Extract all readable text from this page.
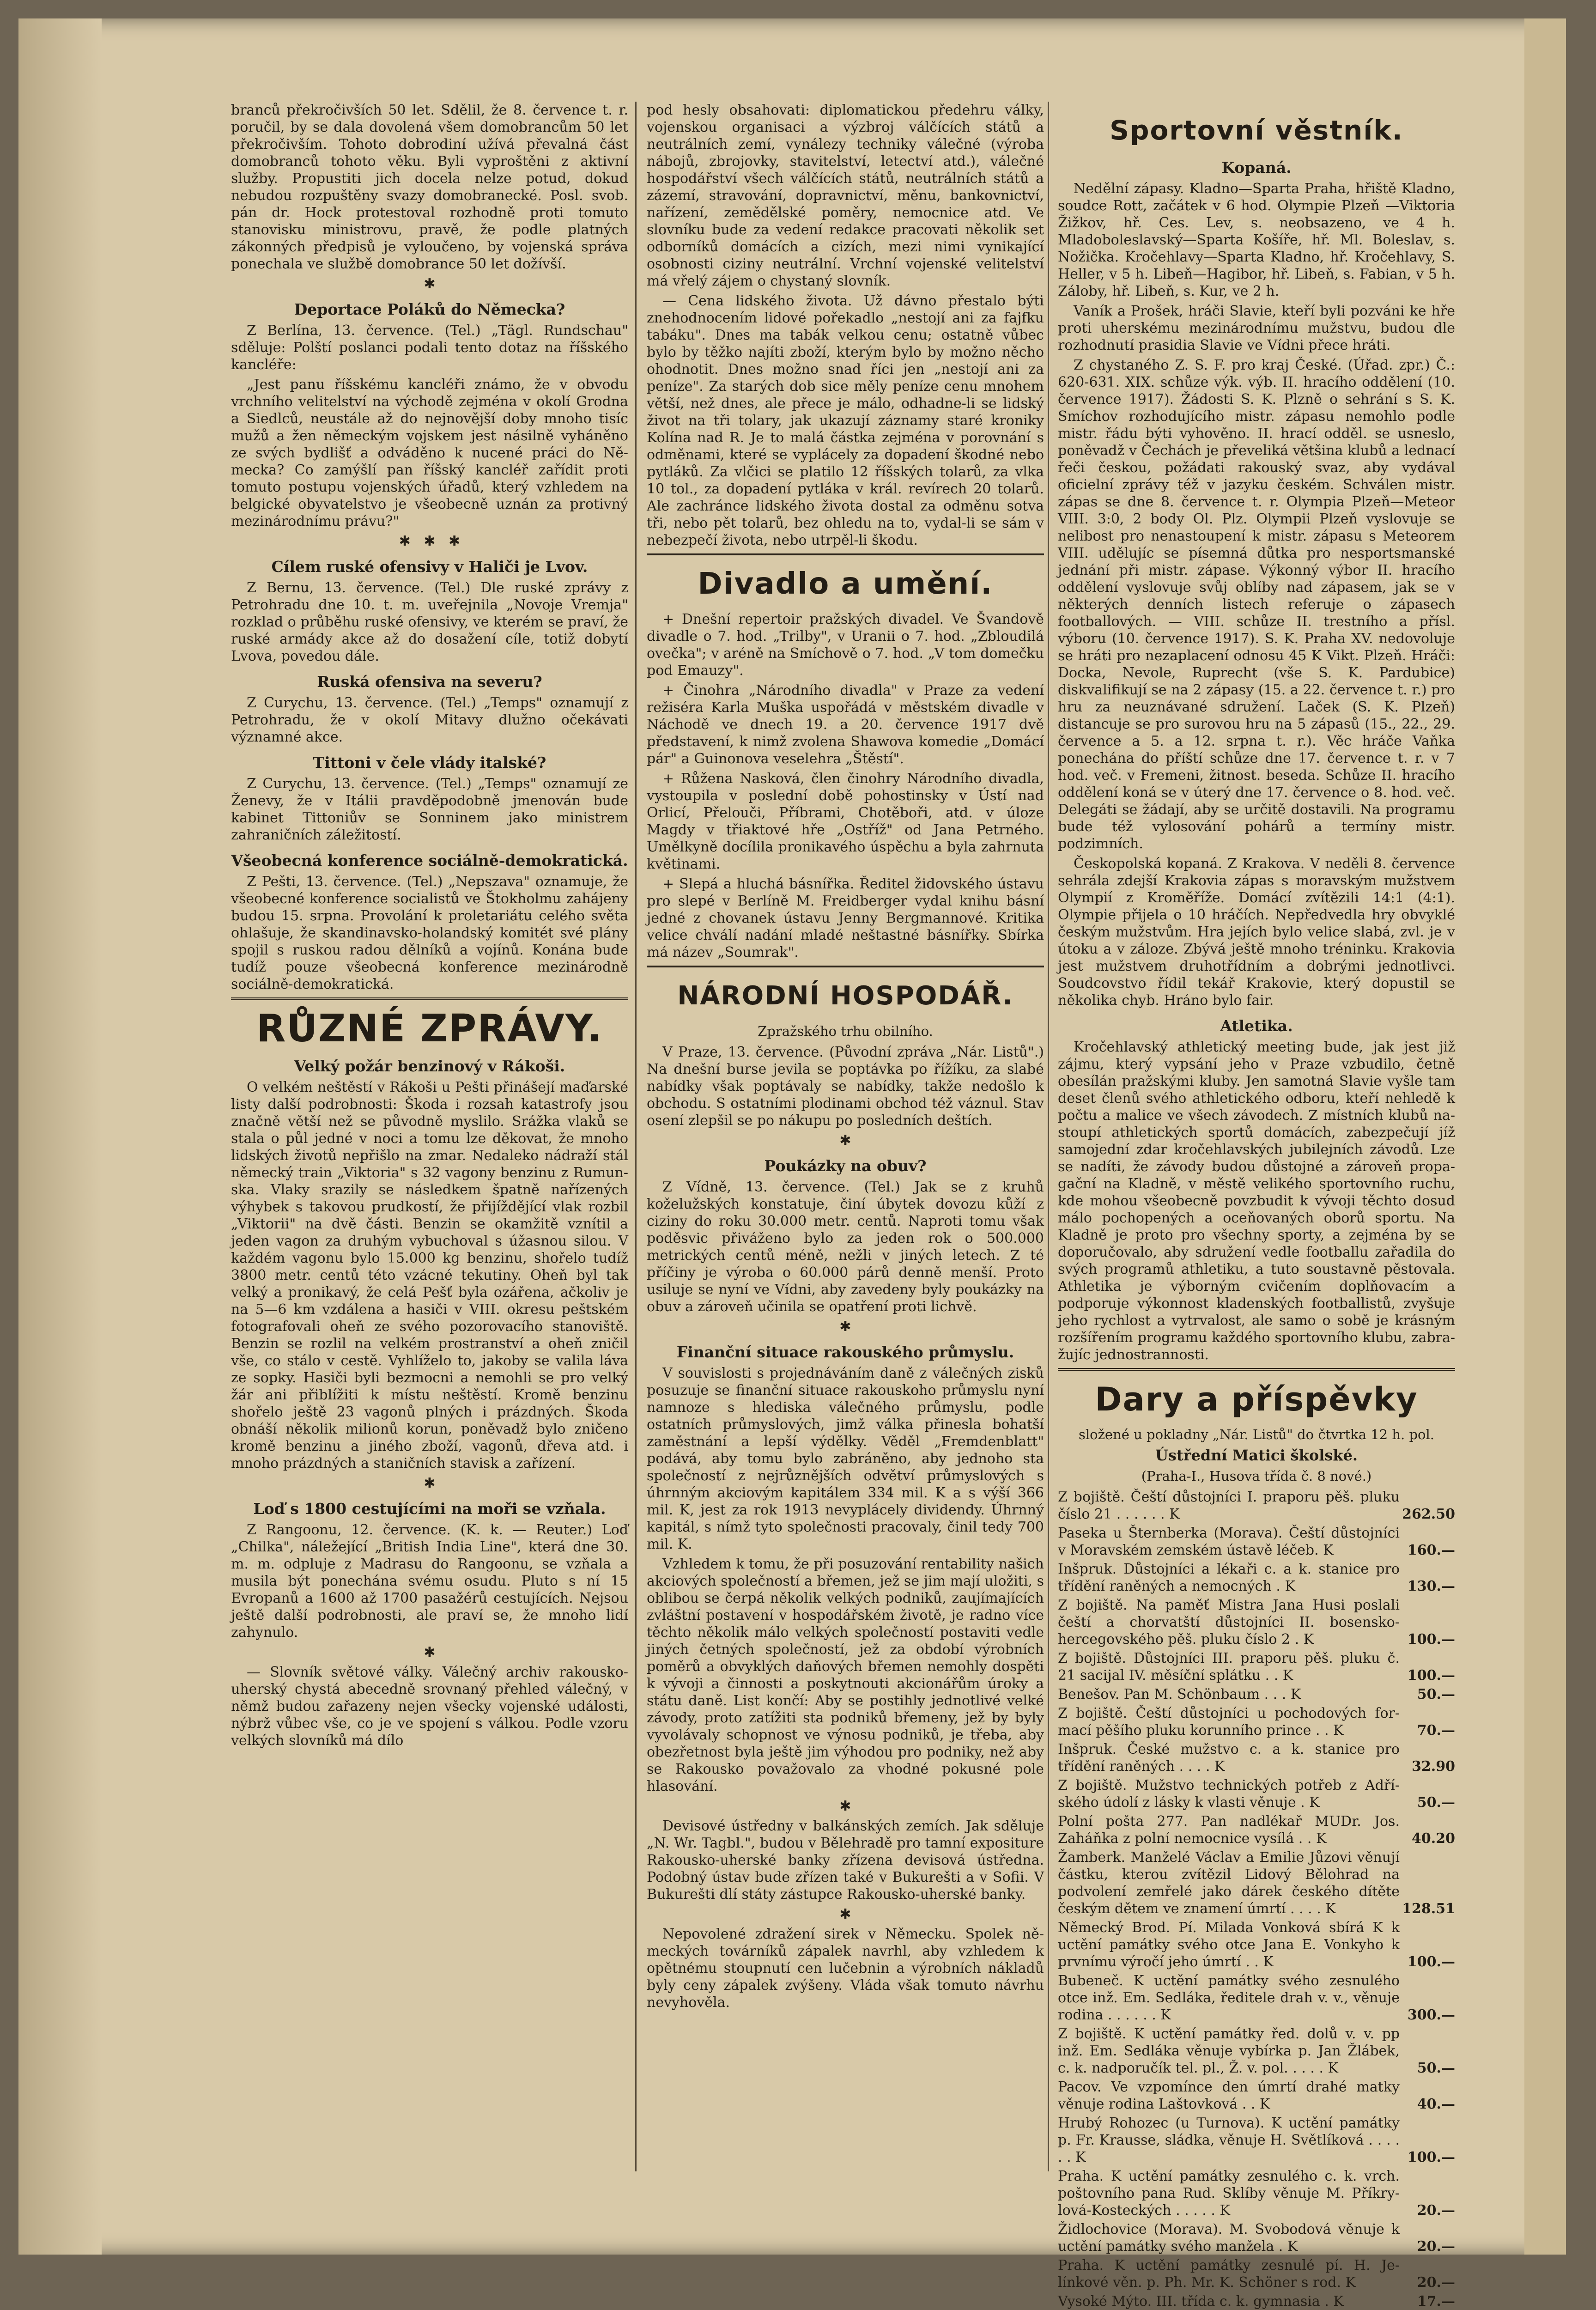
branců překročivších 50 let. Sdělil, že 8. července t. r. poručil, by se dala dovolená všem domobrancům 50 let překročivším. Tohoto dobrodiní užívá převalná část domobranců tohoto věku. Byli vyproštěni z aktivní služby. Propustiti jich docela nelze potud, dokud nebudou rozpuštěny svazy domobranecké. Posl. svob. pán dr. Hock protestoval rozhodně proti tomuto stanovisku ministrovu, pravě, že podle platných zákonných předpisů je vyloučeno, by vojenská správa ponechala ve službě domobrance 50 let dožívší.

✱
Deportace Poláků do Německa?

Z Berlína, 13. července. (Tel.) „Tägl. Rundschau" sděluje: Polští poslanci podali tento dotaz na říšského kancléře:

„Jest panu říšskému kancléři známo, že v obvodu vrchního velitelství na východě zejména v okolí Grodna a Siedlců, neustále až do nejnovější doby mnoho tisíc mužů a žen německým vojskem jest násilně vyháněno ze svých bydlišť a odváděno k nucené práci do Německa? Co zamýšlí pan říšský kancléř zařídit proti tomuto postupu vojenských úřadů, který vzhledem na belgické obyvatelstvo je všeobecně uznán za protivný mezinárodnímu právu?"

✱   ✱   ✱
Cílem ruské ofensivy v Haliči je Lvov.

Z Bernu, 13. července. (Tel.) Dle ruské zprávy z Petrohradu dne 10. t. m. uveřejnila „Novoje Vremja" rozklad o průběhu ruské ofensivy, ve kterém se praví, že ruské armády akce až do dosažení cíle, totiž dobytí Lvova, povedou dále.

Ruská ofensiva na severu?

Z Curychu, 13. července. (Tel.) „Temps" oznamují z Petrohradu, že v okolí Mitavy dlužno očekávati významné akce.

Tittoni v čele vlády italské?

Z Curychu, 13. července. (Tel.) „Temps" oznamují ze Ženevy, že v Itálii pravděpodobně jmenován bude kabinet Tittoniův se Sonninem jako ministrem zahraničních záležitostí.

Všeobecná konference sociálně-demokratická.

Z Pešti, 13. července. (Tel.) „Nepszava" oznamuje, že všeobecné konference socialistů ve Štokholmu zahájeny budou 15. srpna. Provolání k proletariátu celého světa ohlašuje, že skandinavsko-holandský komitét své plány spojil s ruskou radou dělníků a vojínů. Konána bude tudíž pouze všeobecná konference mezinárodně sociálně-demokratická.

RŮZNÉ ZPRÁVY.
Velký požár benzinový v Rákoši.

O velkém neštěstí v Rákoši u Pešti přinášejí maďarské listy další podrobnosti: Škoda i rozsah katastrofy jsou značně větší než se původně myslilo. Srážka vlaků se stala o půl jedné v noci a tomu lze děkovat, že mnoho lidských životů nepřišlo na zmar. Nedaleko nádraží stál německý train „Viktoria" s 32 vagony benzinu z Rumunska. Vlaky srazily se následkem špatně nařízených výhybek s takovou prudkostí, že přijíždějící vlak rozbil „Viktorii" na dvě části. Benzin se okamžitě vznítil a jeden vagon za druhým vybuchoval s úžasnou silou. V každém vagonu bylo 15.000 kg benzinu, shořelo tudíž 3800 metr. centů této vzácné tekutiny. Oheň byl tak velký a pronikavý, že celá Pešť byla ozářena, ačkoliv je na 5—6 km vzdálena a hasiči v VIII. okresu peštském fotografovali oheň ze svého pozorovacího stanoviště. Benzin se rozlil na velkém prostranství a oheň zničil vše, co stálo v cestě. Vyhlíželo to, jakoby se valila láva ze sopky. Hasiči byli bezmocni a nemohli se pro velký žár ani přiblížiti k místu neštěstí. Kromě benzinu shořelo ještě 23 vagonů plných i prázdných. Škoda obnáší několik milionů korun, poněvadž bylo zničeno kromě benzinu a jiného zboží, vagonů, dřeva atd. i mnoho prázdných a staničních stavisk a zařízení.

✱
Loď s 1800 cestujícími na moři se vzňala.

Z Rangoonu, 12. července. (K. k. — Reuter.) Loď „Chilka", náležející „British India Line", která dne 30. m. m. odpluje z Madrasu do Rangoonu, se vzňala a musila být ponechána svému osudu. Pluto s ní 15 Evropanů a 1600 až 1700 pasažérů cestujících. Nejsou ještě další podrobnosti, ale praví se, že mnoho lidí zahynulo.

✱

— Slovník světové války. Válečný archiv rakousko-uherský chystá abecedně srovnaný přehled válečný, v němž budou zařazeny nejen všecky vojenské události, nýbrž vůbec vše, co je ve spojení s válkou. Podle vzoru velkých slovníků má dílo

pod hesly obsahovati: diplomatickou předehru války, vojenskou organisaci a výzbroj válčících států a neutrálních zemí, vynálezy techniky válečné (výroba nábojů, zbrojovky, stavitelství, letectví atd.), válečné hospodářství všech válčících států, neutrálních států a zázemí, stravování, dopravnictví, měnu, bankovnictví, nařízení, zemědělské poměry, nemocnice atd. Ve slovníku bude za vedení redakce pracovati několik set odborníků domácích a cizích, mezi nimi vynikající osobnosti ciziny neutrální. Vrchní vojenské velitelství má vřelý zájem o chystaný slovník.

— Cena lidského života. Už dávno přestalo býti znehodnocením lidové pořekadlo „nestojí ani za fajfku tabáku". Dnes ma tabák velkou cenu; ostatně vůbec bylo by těžko najíti zboží, kterým bylo by možno něcho ohodnotit. Dnes možno snad říci jen „nestojí ani za peníze". Za starých dob sice měly peníze cenu mnohem větší, než dnes, ale přece je málo, odhadne-li se lidský život na tři tolary, jak ukazují záznamy staré kroniky Kolína nad R. Je to malá částka zejména v porovnání s odměnami, které se vyplácely za dopadení škodné nebo pytláků. Za vlčici se platilo 12 říšských tolarů, za vlka 10 tol., za dopadení pytláka v král. revírech 20 tolarů. Ale zachránce lidského života dostal za odměnu sotva tři, nebo pět tolarů, bez ohledu na to, vydal-li se sám v nebezpečí života, nebo utrpěl-li škodu.

Divadlo a umění.

+ Dnešní repertoir pražských divadel. Ve Švandově divadle o 7. hod. „Trilby", v Uranii o 7. hod. „Zbloudilá ovečka"; v aréně na Smíchově o 7. hod. „V tom domečku pod Emauzy".

+ Činohra „Národního divadla" v Praze za vedení režiséra Karla Muška uspořádá v městském divadle v Náchodě ve dnech 19. a 20. července 1917 dvě představení, k nimž zvolena Shawova komedie „Domácí pár" a Guinonova veselehra „Štěstí".

+ Růžena Nasková, člen činohry Národního divadla, vystoupila v poslední době pohostinsky v Ústí nad Orlicí, Přelouči, Příbrami, Chotěboři, atd. v úloze Magdy v třiaktové hře „Ostříž" od Jana Petrného. Umělkyně docílila pronikavého úspěchu a byla zahrnuta květinami.

+ Slepá a hluchá básnířka. Ředitel židovského ústavu pro slepé v Berlíně M. Freidberger vydal knihu básní jedné z chovanek ústavu Jenny Bergmannové. Kritika velice chválí nadání mladé neštastné básnířky. Sbírka má název „Soumrak".

NÁRODNÍ HOSPODÁŘ.
Zpražského trhu obilního.

V Praze, 13. července. (Původní zpráva „Nár. Listů".) Na dnešní burse jevila se poptávka po řížíku, za slabé nabídky však poptávaly se nabídky, takže nedošlo k obchodu. S ostatními plodinami obchod též váznul. Stav osení zlepšil se po nákupu po posledních deštích.

✱
Poukázky na obuv?

Z Vídně, 13. července. (Tel.) Jak se z kruhů koželužských konstatuje, činí úbytek dovozu kůží z ciziny do roku 30.000 metr. centů. Naproti tomu však poděsvic přiváženo bylo za jeden rok o 500.000 metrických centů méně, nežli v jiných letech. Z té příčiny je výroba o 60.000 párů denně menší. Proto usiluje se nyní ve Vídni, aby zavedeny byly poukázky na obuv a zároveň učinila se opatření proti lichvě.

✱
Finanční situace rakouského průmyslu.

V souvislosti s projednáváním daně z válečných zisků posuzuje se finanční situace rakouskoho průmyslu nyní namnoze s hlediska válečného průmyslu, podle ostatních průmyslových, jimž válka přinesla bohatší zaměstnání a lepší výdělky. Věděl „Fremdenblatt" podává, aby tomu bylo zabráněno, aby jednoho sta společností z nejrůznějších odvětví průmyslových s úhrnným akciovým kapitálem 334 mil. K a s výší 366 mil. K, jest za rok 1913 nevyplácely dividendy. Úhrnný kapitál, s nímž tyto společnosti pracovaly, činil tedy 700 mil. K.

Vzhledem k tomu, že při posuzování rentability našich akciových společností a břemen, jež se jim mají uložiti, s oblibou se čerpá několik velkých podniků, zaujímajících zvláštní postavení v hospodářském životě, je radno více těchto několik málo velkých společností postaviti vedle jiných četných společností, jež za období výrobních poměrů a obvyklých daňových břemen nemohly dospěti k vývoji a činnosti a poskytnouti akcionářům úroky a státu daně. List končí: Aby se postihly jednotlivé velké závody, proto zatížiti sta podniků břemeny, jež by byly vyvolávaly schopnost ve výnosu podniků, je třeba, aby obezřetnost byla ještě jim výhodou pro podniky, než aby se Rakousko považovalo za vhodné pokusné pole hlasování.

✱

Devisové ústředny v balkánských zemích. Jak sděluje „N. Wr. Tagbl.", budou v Bělehradě pro tamní expositure Rakousko-uherské banky zřízena devisová ústředna. Podobný ústav bude zřízen také v Bukurešti a v Sofii. V Bukurešti dlí státy zástupce Rakousko-uherské banky.

✱

Nepovolené zdražení sirek v Německu. Spolek německých továrníků zápalek navrhl, aby vzhledem k opětnému stoupnutí cen lučebnin a výrobních nákladů byly ceny zápalek zvýšeny. Vláda však tomuto návrhu nevyhověla.

Sportovní věstník.
Kopaná.

Nedělní zápasy. Kladno—Sparta Praha, hřiště Kladno, soudce Rott, začátek v 6 hod. Olympie Plzeň —Viktoria Žižkov, hř. Ces. Lev, s. neobsazeno, ve 4 h. Mladoboleslavský—Sparta Košíře, hř. Ml. Boleslav, s. Nožička. Kročehlavy—Sparta Kladno, hř. Kročehlavy, S. Heller, v 5 h. Libeň—Hagibor, hř. Libeň, s. Fabian, v 5 h. Záloby, hř. Libeň, s. Kur, ve 2 h.

Vaník a Prošek, hráči Slavie, kteří byli pozváni ke hře proti uherskému mezinárodnímu mužstvu, budou dle rozhodnutí prasidia Slavie ve Vídni přece hráti.

Z chystaného Z. S. F. pro kraj České. (Úřad. zpr.) Č.: 620-631. XIX. schůze výk. výb. II. hracího oddělení (10. července 1917). Žádosti S. K. Plzně o sehrání s S. K. Smíchov rozhodujícího mistr. zápasu nemohlo podle mistr. řádu býti vyhověno. II. hrací odděl. se usneslo, poněvadž v Čechách je převeliká většina klubů a lednací řeči českou, požádati rakouský svaz, aby vydával oficielní zprávy též v jazyku českém. Schválen mistr. zápas se dne 8. července t. r. Olympia Plzeň—Meteor VIII. 3:0, 2 body Ol. Plz. Olympii Plzeň vyslovuje se nelibost pro nenastoupení k mistr. zápasu s Meteorem VIII. udělujíc se písemná důtka pro nesportsmanské jednání při mistr. zápase. Výkonný výbor II. hracího oddělení vyslovuje svůj oblíby nad zápasem, jak se v některých denních listech referuje o zápasech footballových. — VIII. schůze II. trestního a přísl. výboru (10. července 1917). S. K. Praha XV. nedovoluje se hráti pro nezaplacení odnosu 45 K Vikt. Plzeň. Hráči: Docka, Nevole, Ruprecht (vše S. K. Pardubice) diskvalifikují se na 2 zápasy (15. a 22. července t. r.) pro hru za neuznávané sdružení. Laček (S. K. Plzeň) distancuje se pro surovou hru na 5 zápasů (15., 22., 29. července a 5. a 12. srpna t. r.). Věc hráče Vaňka ponechána do příští schůze dne 17. července t. r. v 7 hod. več. v Fremeni, žitnost. beseda. Schůze II. hracího oddělení koná se v úterý dne 17. července o 8. hod. več. Delegáti se žádají, aby se určitě dostavili. Na programu bude též vylosování pohárů a termíny mistr. podzimních.

Českopolská kopaná. Z Krakova. V neděli 8. července sehrála zdejší Krakovia zápas s moravským mužstvem Olympií z Kroměříže. Domácí zvítězili 14:1 (4:1). Olympie přijela o 10 hráčích. Nepředvedla hry obvyklé českým mužstvům. Hra jejích bylo velice slabá, zvl. je v útoku a v záloze. Zbývá ještě mnoho tréninku. Krakovia jest mužstvem druhotřídním a dobrými jednotlivci. Soudcovstvo řídil tekář Krakovie, který dopustil se několika chyb. Hráno bylo fair.

Atletika.

Kročehlavský athletický meeting bude, jak jest již zájmu, který vypsání jeho v Praze vzbudilo, četně obesílán pražskými kluby. Jen samotná Slavie vyšle tam deset členů svého athletického odboru, kteří nehledě k počtu a malice ve všech závodech. Z místních klubů nastoupí athletických sportů domácích, zabezpečují jíž samojední zdar kročehlavských jubilejních závodů. Lze se nadíti, že závody budou důstojné a zároveň propagační na Kladně, v městě velikého sportovního ruchu, kde mohou všeobecně povzbudit k vývoji těchto dosud málo pochopených a oceňovaných oborů sportu. Na Kladně je proto pro všechny sporty, a zejména by se doporučovalo, aby sdružení vedle footballu zařadila do svých programů athletiku, a tuto soustavně pěstovala. Athletika je výborným cvičením doplňovacím a podporuje výkonnost kladenských footballistů, zvyšuje jeho rychlost a vytrvalost, ale samo o sobě je krásným rozšířením programu každého sportovního klubu, zabražujíc jednostrannosti.

Dary a příspěvky
složené u pokladny „Nár. Listů" do čtvrtka 12 h. pol.
Ústřední Matici školské.
(Praha-I., Husova třída č. 8 nové.)
Z bojiště. Čeští důstojníci I. praporu pěš. pluku číslo 21 . . . . . . K	262.50
Paseka u Šternberka (Morava). Čeští důstojníci v Moravském zemském ústavě léčeb. K	160.—
Inšpruk. Důstojníci a lékaři c. a k. stanice pro třídění raněných a nemocných . K	130.—
Z bojiště. Na paměť Mistra Jana Husi poslali čeští a chorvatští důstojníci II. bosensko-hercegovského pěš. pluku číslo 2 . K	100.—
Z bojiště. Důstojníci III. praporu pěš. pluku č. 21 sacijal IV. měsíční splátku . . K	100.—
Benešov. Pan M. Schönbaum . . . K	50.—
Z bojiště. Čeští důstojníci u pochodových formací pěšího pluku korunního prince . . K	70.—
Inšpruk. České mužstvo c. a k. stanice pro třídění raněných . . . . K	32.90
Z bojiště. Mužstvo technických potřeb z Adříského údolí z lásky k vlasti věnuje . K	50.—
Polní pošta 277. Pan nadlékař MUDr. Jos. Zaháňka z polní nemocnice vysílá . . K	40.20
Žamberk. Manželé Václav a Emilie Jůzovi věnují částku, kterou zvítězil Lidový Bělohrad na podvolení zemřelé jako dárek českého dítěte českým dětem ve znamení úmrtí . . . . K	128.51
Německý Brod. Pí. Milada Vonková sbírá K k uctění památky svého otce Jana E. Vonkyho k prvnímu výročí jeho úmrtí . . K	100.—
Bubeneč. K uctění památky svého zesnulého otce inž. Em. Sedláka, ředitele drah v. v., věnuje rodina . . . . . . K	300.—
Z bojiště. K uctění památky řed. dolů v. v. pp inž. Em. Sedláka věnuje vybírka p. Jan Žlábek, c. k. nadporučík tel. pl., Ž. v. pol. . . . . K	50.—
Pacov. Ve vzpomínce den úmrtí drahé matky věnuje rodina Laštovková . . K	40.—
Hrubý Rohozec (u Turnova). K uctění památky p. Fr. Krausse, sládka, věnuje H. Světlíková . . . . . . K	100.—
Praha. K uctění památky zesnulého c. k. vrch. poštovního pana Rud. Sklíby věnuje M. Příkrylová-Kosteckých . . . . . K	20.—
Židlochovice (Morava). M. Svobodová věnuje k uctění památky svého manžela . K	20.—
Praha. K uctění památky zesnulé pí. H. Jelínkové věn. p. Ph. Mr. K. Schöner s rod. K	20.—
Vysoké Mýto. III. třída c. k. gymnasia . K	17.—
